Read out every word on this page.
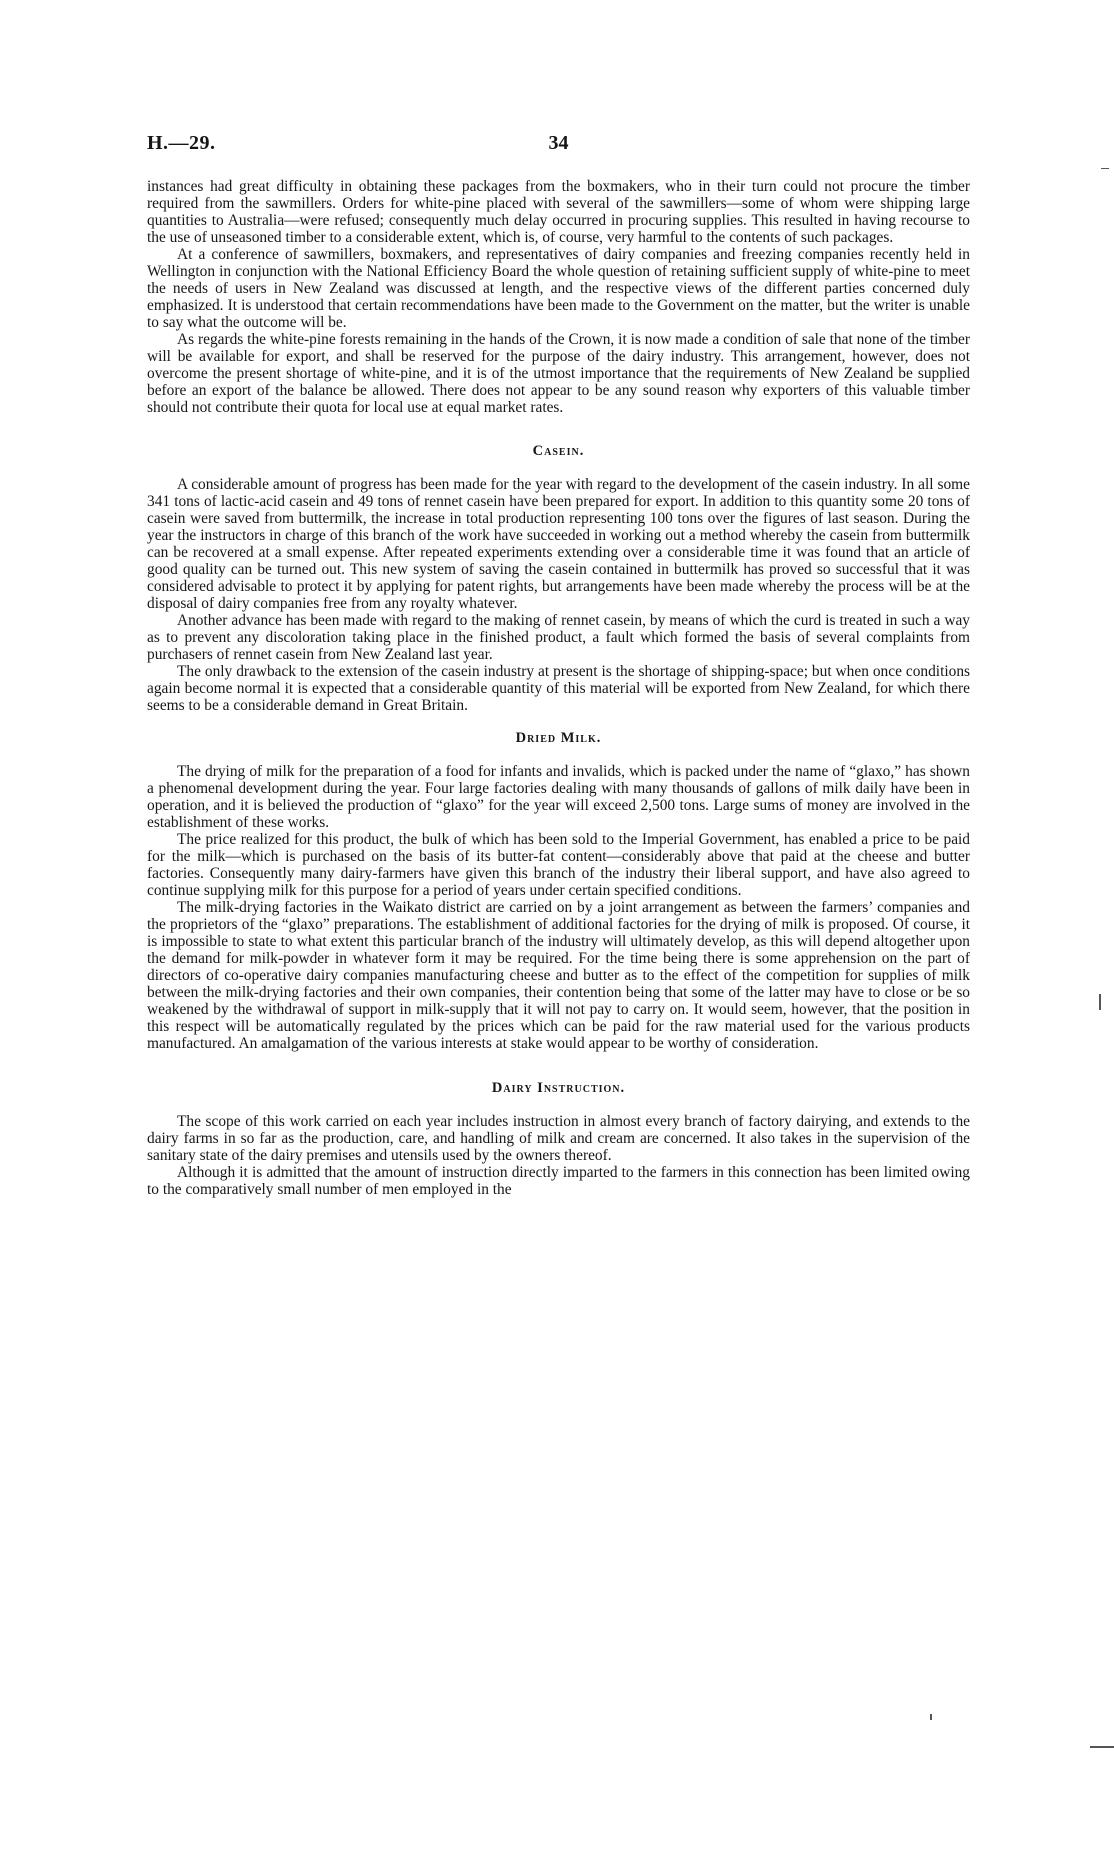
H.—29.	34

instances had great difficulty in obtaining these packages from the boxmakers, who in their turn could not procure the timber required from the sawmillers. Orders for white-pine placed with several of the sawmillers—some of whom were shipping large quantities to Australia—were refused; consequently much delay occurred in procuring supplies. This resulted in having recourse to the use of unseasoned timber to a considerable extent, which is, of course, very harmful to the contents of such packages.

At a conference of sawmillers, boxmakers, and representatives of dairy companies and freezing companies recently held in Wellington in conjunction with the National Efficiency Board the whole question of retaining sufficient supply of white-pine to meet the needs of users in New Zealand was discussed at length, and the respective views of the different parties concerned duly emphasized. It is understood that certain recommendations have been made to the Government on the matter, but the writer is unable to say what the outcome will be.

As regards the white-pine forests remaining in the hands of the Crown, it is now made a condition of sale that none of the timber will be available for export, and shall be reserved for the purpose of the dairy industry. This arrangement, however, does not overcome the present shortage of white-pine, and it is of the utmost importance that the requirements of New Zealand be supplied before an export of the balance be allowed. There does not appear to be any sound reason why exporters of this valuable timber should not contribute their quota for local use at equal market rates.

Casein.

A considerable amount of progress has been made for the year with regard to the development of the casein industry. In all some 341 tons of lactic-acid casein and 49 tons of rennet casein have been prepared for export. In addition to this quantity some 20 tons of casein were saved from buttermilk, the increase in total production representing 100 tons over the figures of last season. During the year the instructors in charge of this branch of the work have succeeded in working out a method whereby the casein from buttermilk can be recovered at a small expense. After repeated experiments extending over a considerable time it was found that an article of good quality can be turned out. This new system of saving the casein contained in buttermilk has proved so successful that it was considered advisable to protect it by applying for patent rights, but arrangements have been made whereby the process will be at the disposal of dairy companies free from any royalty whatever.

Another advance has been made with regard to the making of rennet casein, by means of which the curd is treated in such a way as to prevent any discoloration taking place in the finished product, a fault which formed the basis of several complaints from purchasers of rennet casein from New Zealand last year.

The only drawback to the extension of the casein industry at present is the shortage of shipping-space; but when once conditions again become normal it is expected that a considerable quantity of this material will be exported from New Zealand, for which there seems to be a considerable demand in Great Britain.

Dried Milk.

The drying of milk for the preparation of a food for infants and invalids, which is packed under the name of “glaxo,” has shown a phenomenal development during the year. Four large factories dealing with many thousands of gallons of milk daily have been in operation, and it is believed the production of “glaxo” for the year will exceed 2,500 tons. Large sums of money are involved in the establishment of these works.

The price realized for this product, the bulk of which has been sold to the Imperial Government, has enabled a price to be paid for the milk—which is purchased on the basis of its butter-fat content—considerably above that paid at the cheese and butter factories. Consequently many dairy-farmers have given this branch of the industry their liberal support, and have also agreed to continue supplying milk for this purpose for a period of years under certain specified conditions.

The milk-drying factories in the Waikato district are carried on by a joint arrangement as between the farmers’ companies and the proprietors of the “glaxo” preparations. The establishment of additional factories for the drying of milk is proposed. Of course, it is impossible to state to what extent this particular branch of the industry will ultimately develop, as this will depend altogether upon the demand for milk-powder in whatever form it may be required. For the time being there is some apprehension on the part of directors of co-operative dairy companies manufacturing cheese and butter as to the effect of the competition for supplies of milk between the milk-drying factories and their own companies, their contention being that some of the latter may have to close or be so weakened by the withdrawal of support in milk-supply that it will not pay to carry on. It would seem, however, that the position in this respect will be automatically regulated by the prices which can be paid for the raw material used for the various products manufactured. An amalgamation of the various interests at stake would appear to be worthy of consideration.

Dairy Instruction.

The scope of this work carried on each year includes instruction in almost every branch of factory dairying, and extends to the dairy farms in so far as the production, care, and handling of milk and cream are concerned. It also takes in the supervision of the sanitary state of the dairy premises and utensils used by the owners thereof.

Although it is admitted that the amount of instruction directly imparted to the farmers in this connection has been limited owing to the comparatively small number of men employed in the
